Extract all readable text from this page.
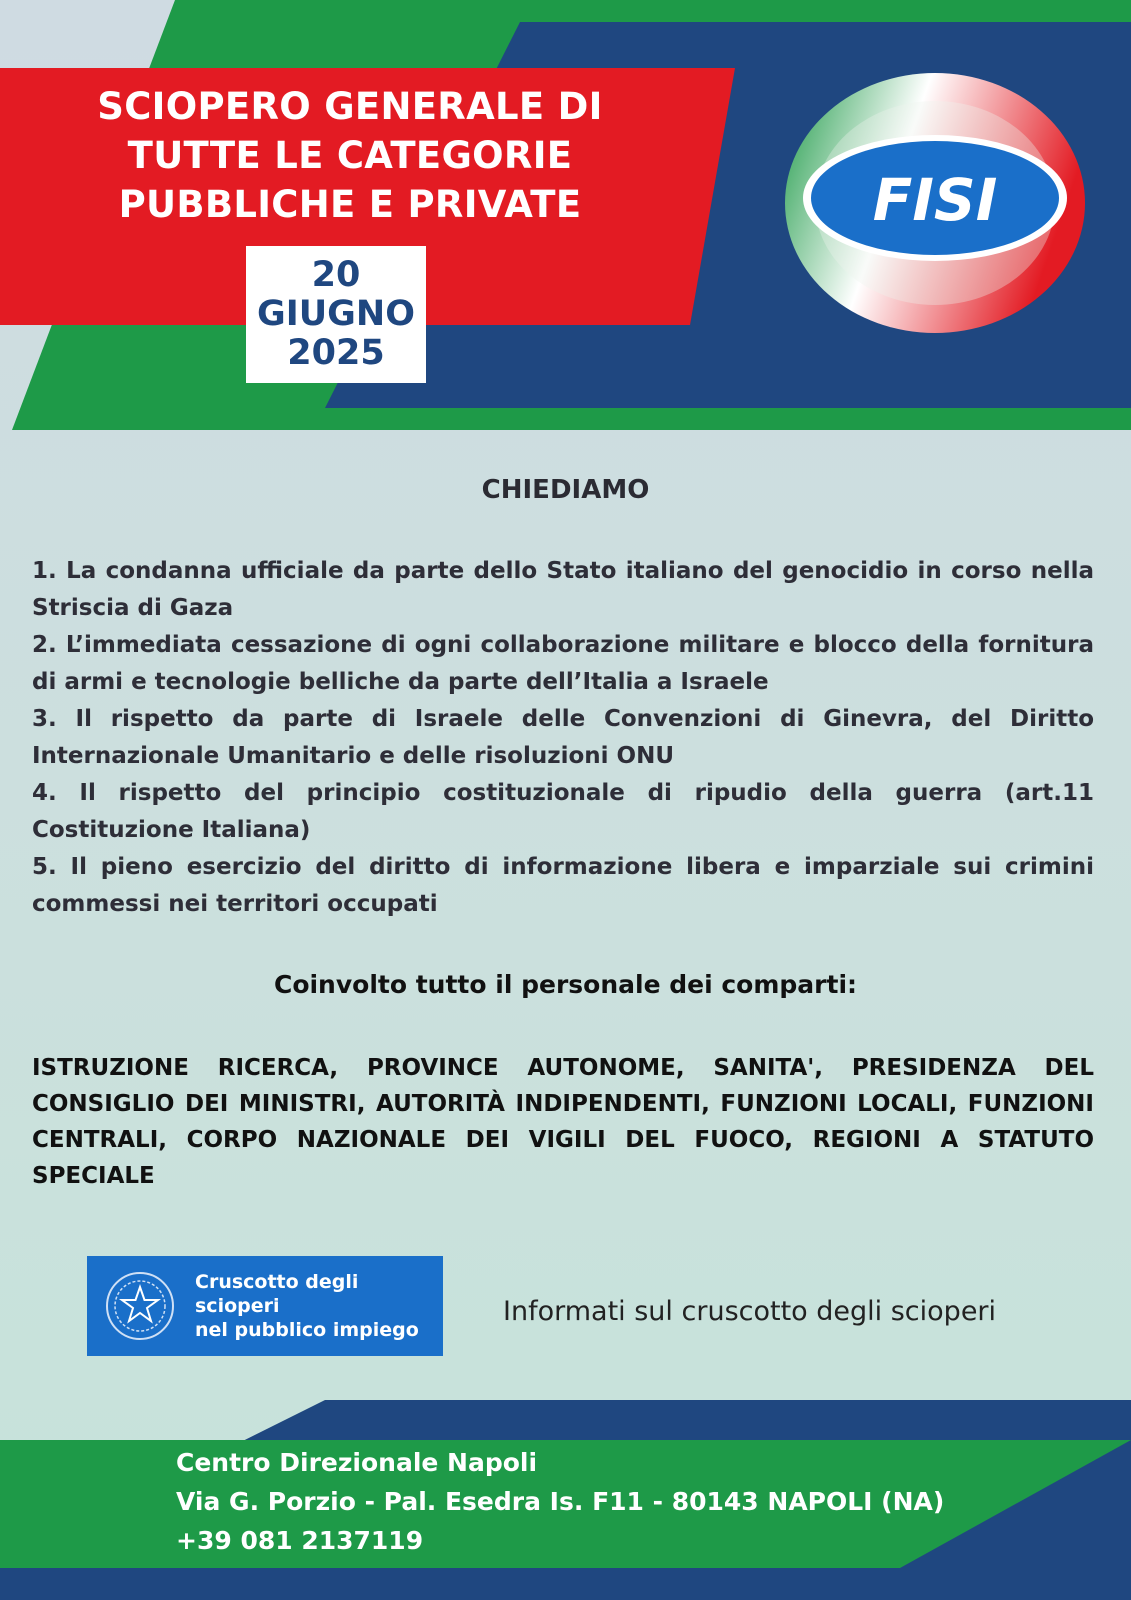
SCIOPERO GENERALE DI
TUTTE LE CATEGORIE
PUBBLICHE E PRIVATE
20
GIUGNO
2025
FISI
CHIEDIAMO
1. La condanna ufficiale da parte dello Stato italiano del genocidio in corso nella Striscia di Gaza
2. L’immediata cessazione di ogni collaborazione militare e blocco della fornitura di armi e tecnologie belliche da parte dell’Italia a Israele
3. Il rispetto da parte di Israele delle Convenzioni di Ginevra, del Diritto Internazionale Umanitario e delle risoluzioni ONU
4. Il rispetto del principio costituzionale di ripudio della guerra (art.11 Costituzione Italiana)
5. Il pieno esercizio del diritto di informazione libera e imparziale sui crimini commessi nei territori occupati
Coinvolto tutto il personale dei comparti:

ISTRUZIONE RICERCA, PROVINCE AUTONOME, SANITA', PRESIDENZA DEL CONSIGLIO DEI MINISTRI, AUTORITÀ INDIPENDENTI, FUNZIONI LOCALI, FUNZIONI CENTRALI, CORPO NAZIONALE DEI VIGILI DEL FUOCO, REGIONI A STATUTO SPECIALE

Cruscotto degli scioperi
nel pubblico impiego
Informati sul cruscotto degli scioperi
Centro Direzionale Napoli
Via G. Porzio - Pal. Esedra Is. F11 - 80143 NAPOLI (NA)
+39 081 2137119
